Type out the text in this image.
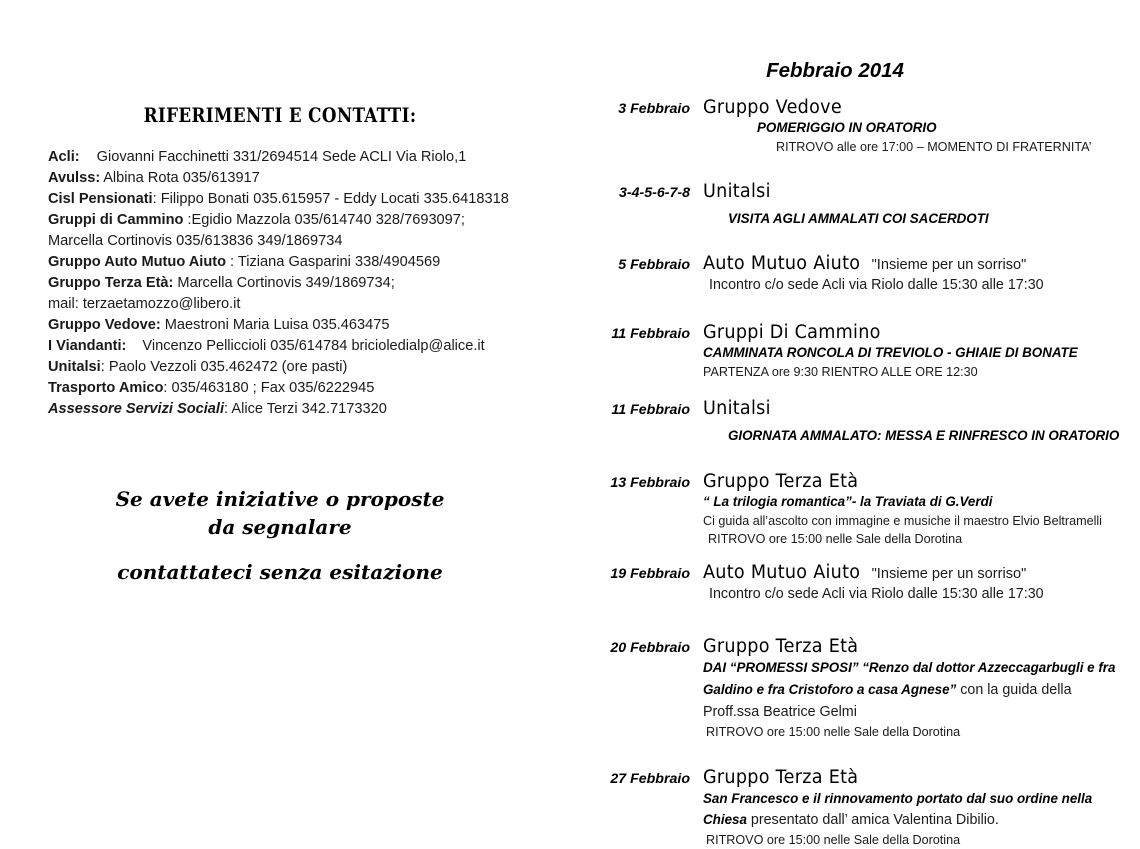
RIFERIMENTI E CONTATTI:
Acli: Giovanni Facchinetti 331/2694514 Sede ACLI Via Riolo,1
Avulss: Albina Rota 035/613917
Cisl Pensionati: Filippo Bonati 035.615957 - Eddy Locati 335.6418318
Gruppi di Cammino :Egidio Mazzola 035/614740 328/7693097;
Marcella Cortinovis 035/613836 349/1869734
Gruppo Auto Mutuo Aiuto : Tiziana Gasparini 338/4904569
Gruppo Terza Età: Marcella Cortinovis 349/1869734;
mail: terzaetamozzo@libero.it
Gruppo Vedove: Maestroni Maria Luisa 035.463475
I Viandanti: Vincenzo Pelliccioli 035/614784 bricioledialp@alice.it
Unitalsi: Paolo Vezzoli 035.462472 (ore pasti)
Trasporto Amico: 035/463180 ; Fax 035/6222945
Assessore Servizi Sociali: Alice Terzi 342.7173320
Se avete iniziative o proposte
da segnalare
contattateci senza esitazione
Febbraio 2014
3 Febbraio Gruppo Vedove
POMERIGGIO IN ORATORIO
RITROVO alle ore 17:00 – MOMENTO DI FRATERNITA’
3-4-5-6-7-8 Unitalsi
VISITA AGLI AMMALATI COI SACERDOTI
5 Febbraio Auto Mutuo Aiuto "Insieme per un sorriso"
Incontro c/o sede Acli via Riolo dalle 15:30 alle 17:30
11 Febbraio Gruppi Di Cammino
CAMMINATA RONCOLA DI TREVIOLO - GHIAIE DI BONATE
PARTENZA ore 9:30 RIENTRO ALLE ORE 12:30
11 Febbraio Unitalsi
GIORNATA AMMALATO: MESSA E RINFRESCO IN ORATORIO
13 Febbraio Gruppo Terza Età
“ La trilogia romantica”- la Traviata di G.Verdi
Ci guida all’ascolto con immagine e musiche il maestro Elvio Beltramelli
RITROVO ore 15:00 nelle Sale della Dorotina
19 Febbraio Auto Mutuo Aiuto "Insieme per un sorriso"
Incontro c/o sede Acli via Riolo dalle 15:30 alle 17:30
20 Febbraio Gruppo Terza Età
DAI “PROMESSI SPOSI” “Renzo dal dottor Azzeccagarbugli e fra
Galdino e fra Cristoforo a casa Agnese” con la guida della
Proff.ssa Beatrice Gelmi
RITROVO ore 15:00 nelle Sale della Dorotina
27 Febbraio Gruppo Terza Età
San Francesco e il rinnovamento portato dal suo ordine nella
Chiesa presentato dall’ amica Valentina Dibilio.
RITROVO ore 15:00 nelle Sale della Dorotina
